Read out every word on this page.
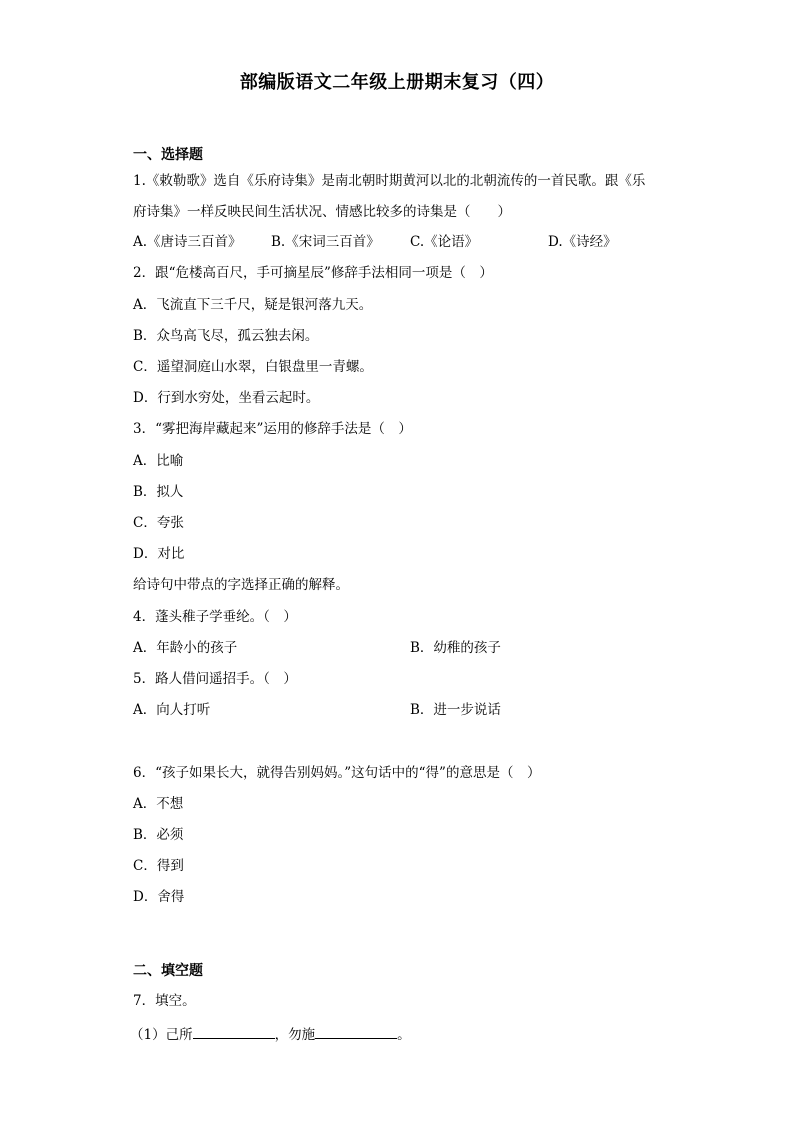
部编版语文二年级上册期末复习（四）
一、选择题
1.《敕勒歌》选自《乐府诗集》是南北朝时期黄河以北的北朝流传的一首民歌。跟《乐
府诗集》一样反映民间生活状况、情感比较多的诗集是（　　）
A.《唐诗三百首》 B.《宋词三百首》 C.《论语》	D.《诗经》
2．跟“危楼高百尺，手可摘星辰”修辞手法相同一项是（　）
A．飞流直下三千尺，疑是银河落九天。
B．众鸟高飞尽，孤云独去闲。
C．遥望洞庭山水翠，白银盘里一青螺。
D．行到水穷处，坐看云起时。
3．“雾把海岸藏起来”运用的修辞手法是（　）
A．比喻
B．拟人
C．夸张
D．对比
给诗句中带点的字选择正确的解释。
4．蓬头稚子学垂纶。（　）
A．年龄小的孩子	B．幼稚的孩子
5．路人借问遥招手。（　）
A．向人打听	B．进一步说话
6．“孩子如果长大，就得告别妈妈。”这句话中的“得”的意思是（　）
A．不想
B．必须
C．得到
D．舍得
二、填空题
7．填空。
（1）己所	，勿施	。
